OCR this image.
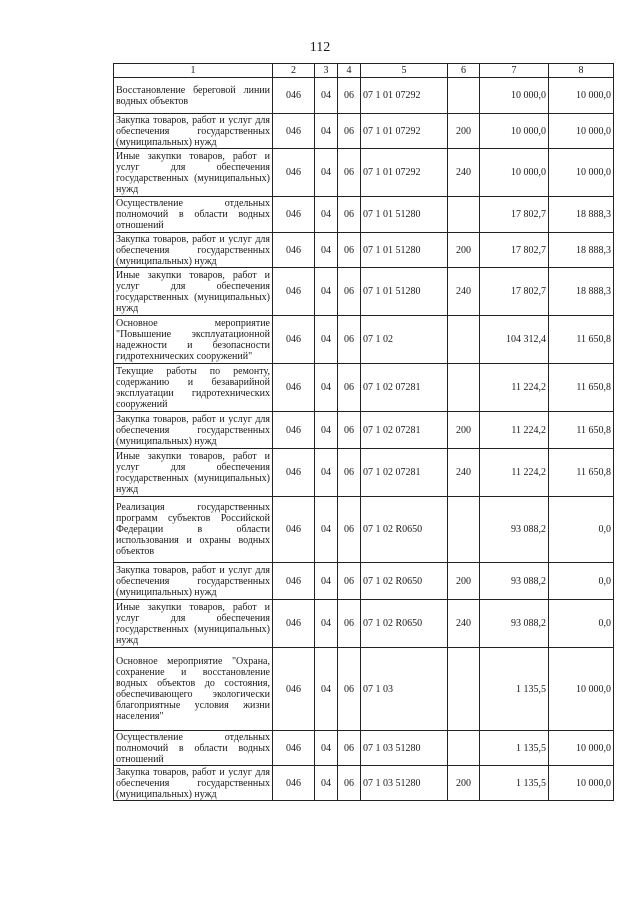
112
1	2	3	4	5	6	7	8
Восстановление береговой линии водных объектов	046	04	06	07 1 01 07292		10 000,0	10 000,0
Закупка товаров, работ и услуг для обеспечения государственных (муниципальных) нужд	046	04	06	07 1 01 07292	200	10 000,0	10 000,0
Иные закупки товаров, работ и услуг для обеспечения государственных (муниципальных) нужд	046	04	06	07 1 01 07292	240	10 000,0	10 000,0
Осуществление отдельных полномочий в области водных отношений	046	04	06	07 1 01 51280		17 802,7	18 888,3
Закупка товаров, работ и услуг для обеспечения государственных (муниципальных) нужд	046	04	06	07 1 01 51280	200	17 802,7	18 888,3
Иные закупки товаров, работ и услуг для обеспечения государственных (муниципальных) нужд	046	04	06	07 1 01 51280	240	17 802,7	18 888,3
Основное мероприятие "Повышение эксплуатационной надежности и безопасности гидротехнических сооружений"	046	04	06	07 1 02		104 312,4	11 650,8
Текущие работы по ремонту, содержанию и безаварийной эксплуатации гидротехнических сооружений	046	04	06	07 1 02 07281		11 224,2	11 650,8
Закупка товаров, работ и услуг для обеспечения государственных (муниципальных) нужд	046	04	06	07 1 02 07281	200	11 224,2	11 650,8
Иные закупки товаров, работ и услуг для обеспечения государственных (муниципальных) нужд	046	04	06	07 1 02 07281	240	11 224,2	11 650,8
Реализация государственных программ субъектов Российской Федерации в области использования и охраны водных объектов	046	04	06	07 1 02 R0650		93 088,2	0,0
Закупка товаров, работ и услуг для обеспечения государственных (муниципальных) нужд	046	04	06	07 1 02 R0650	200	93 088,2	0,0
Иные закупки товаров, работ и услуг для обеспечения государственных (муниципальных) нужд	046	04	06	07 1 02 R0650	240	93 088,2	0,0
Основное мероприятие "Охрана, сохранение и восстановление водных объектов до состояния, обеспечивающего экологически благоприятные условия жизни населения"	046	04	06	07 1 03		1 135,5	10 000,0
Осуществление отдельных полномочий в области водных отношений	046	04	06	07 1 03 51280		1 135,5	10 000,0
Закупка товаров, работ и услуг для обеспечения государственных (муниципальных) нужд	046	04	06	07 1 03 51280	200	1 135,5	10 000,0
